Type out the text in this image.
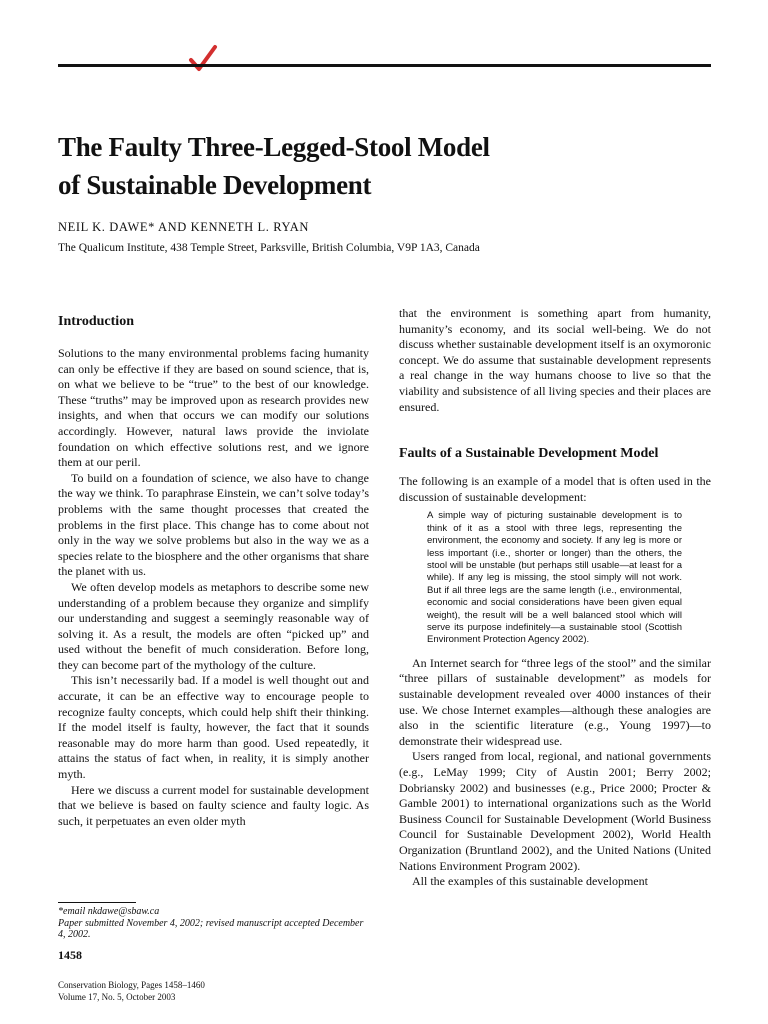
The Faulty Three-Legged-Stool Model
of Sustainable Development

NEIL K. DAWE* AND KENNETH L. RYAN

The Qualicum Institute, 438 Temple Street, Parksville, British Columbia, V9P 1A3, Canada

Introduction

Solutions to the many environmental problems facing humanity can only be effective if they are based on sound science, that is, on what we believe to be “true” to the best of our knowledge. These “truths” may be improved upon as research provides new insights, and when that occurs we can modify our solutions accordingly. However, natural laws provide the inviolate foundation on which effective solutions rest, and we ignore them at our peril.

To build on a foundation of science, we also have to change the way we think. To paraphrase Einstein, we can’t solve today’s problems with the same thought processes that created the problems in the first place. This change has to come about not only in the way we solve problems but also in the way we as a species relate to the biosphere and the other organisms that share the planet with us.

We often develop models as metaphors to describe some new understanding of a problem because they organize and simplify our understanding and suggest a seemingly reasonable way of solving it. As a result, the models are often “picked up” and used without the benefit of much consideration. Before long, they can become part of the mythology of the culture.

This isn’t necessarily bad. If a model is well thought out and accurate, it can be an effective way to encourage people to recognize faulty concepts, which could help shift their thinking. If the model itself is faulty, however, the fact that it sounds reasonable may do more harm than good. Used repeatedly, it attains the status of fact when, in reality, it is simply another myth.

Here we discuss a current model for sustainable development that we believe is based on faulty science and faulty logic. As such, it perpetuates an even older myth

that the environment is something apart from humanity, humanity’s economy, and its social well-being. We do not discuss whether sustainable development itself is an oxymoronic concept. We do assume that sustainable development represents a real change in the way humans choose to live so that the viability and subsistence of all living species and their places are ensured.

Faults of a Sustainable Development Model

The following is an example of a model that is often used in the discussion of sustainable development:

A simple way of picturing sustainable development is to think of it as a stool with three legs, representing the environment, the economy and society. If any leg is more or less important (i.e., shorter or longer) than the others, the stool will be unstable (but perhaps still usable—at least for a while). If any leg is missing, the stool simply will not work. But if all three legs are the same length (i.e., environmental, economic and social considerations have been given equal weight), the result will be a well balanced stool which will serve its purpose indefinitely—a sustainable stool (Scottish Environment Protection Agency 2002).

An Internet search for “three legs of the stool” and the similar “three pillars of sustainable development” as models for sustainable development revealed over 4000 instances of their use. We chose Internet examples—although these analogies are also in the scientific literature (e.g., Young 1997)—to demonstrate their widespread use.

Users ranged from local, regional, and national governments (e.g., LeMay 1999; City of Austin 2001; Berry 2002; Dobriansky 2002) and businesses (e.g., Price 2000; Procter & Gamble 2001) to international organizations such as the World Business Council for Sustainable Development (World Business Council for Sustainable Development 2002), World Health Organization (Bruntland 2002), and the United Nations (United Nations Environment Program 2002).

All the examples of this sustainable development

*email nkdawe@sbaw.ca

Paper submitted November 4, 2002; revised manuscript accepted December 4, 2002.

1458

Conservation Biology, Pages 1458–1460
Volume 17, No. 5, October 2003
